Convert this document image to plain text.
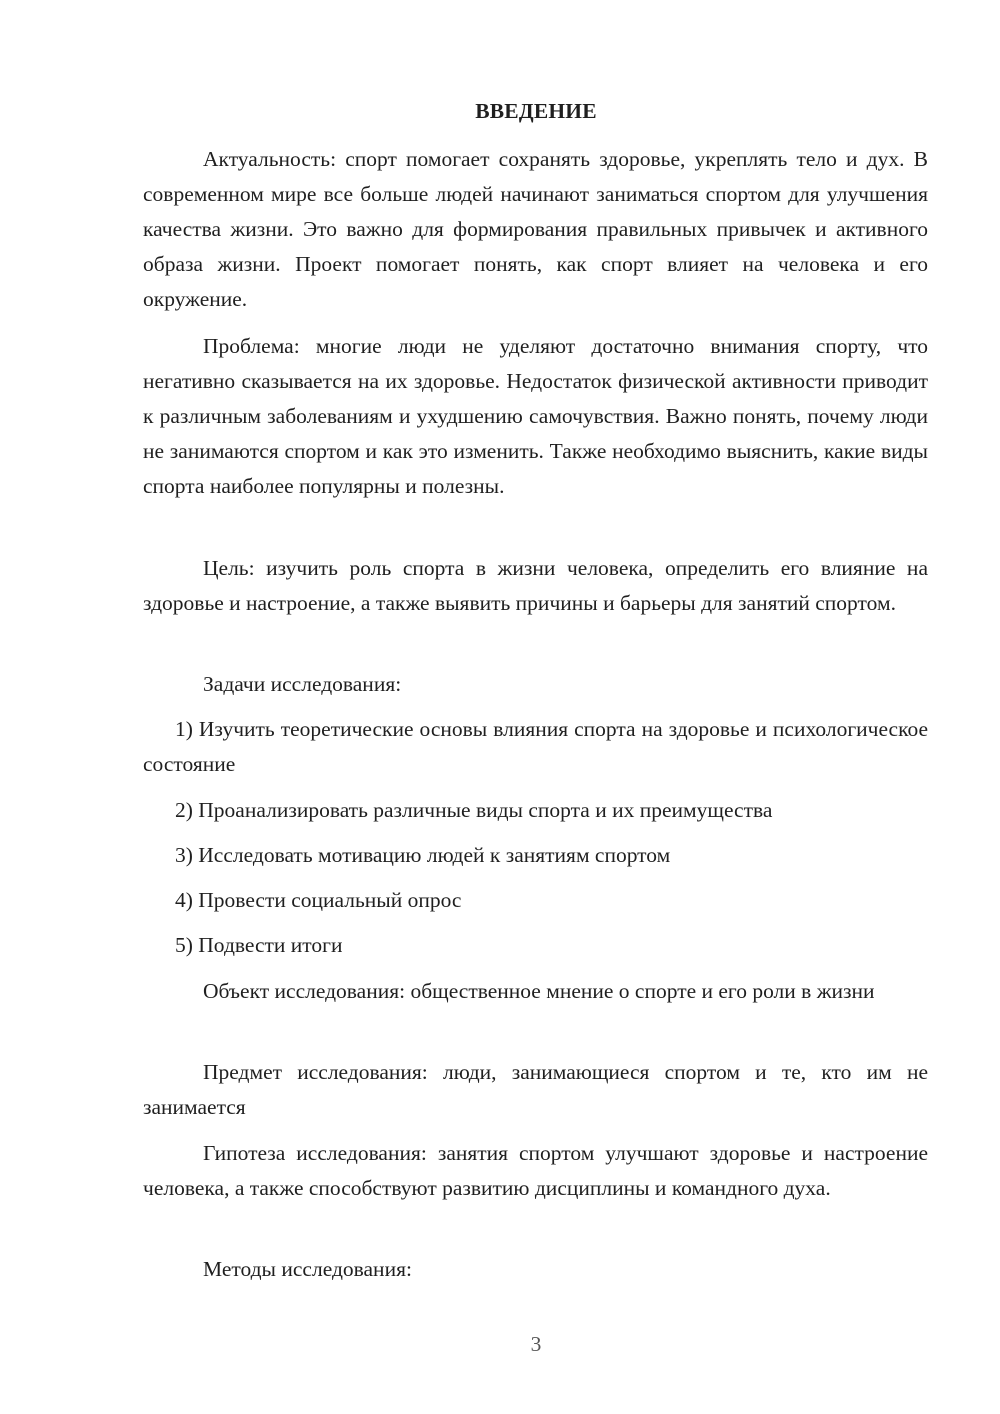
ВВЕДЕНИЕ

Актуальность: спорт помогает сохранять здоровье, укреплять тело и дух. В современном мире все больше людей начинают заниматься спортом для улучшения качества жизни. Это важно для формирования правильных привычек и активного образа жизни. Проект помогает понять, как спорт влияет на человека и его окружение.

Проблема: многие люди не уделяют достаточно внимания спорту, что негативно сказывается на их здоровье. Недостаток физической активности приводит к различным заболеваниям и ухудшению самочувствия. Важно понять, почему люди не занимаются спортом и как это изменить. Также необходимо выяснить, какие виды спорта наиболее популярны и полезны.

Цель: изучить роль спорта в жизни человека, определить его влияние на здоровье и настроение, а также выявить причины и барьеры для занятий спортом.

Задачи исследования:

1) Изучить теоретические основы влияния спорта на здоровье и психологическое состояние

2) Проанализировать различные виды спорта и их преимущества

3) Исследовать мотивацию людей к занятиям спортом

4) Провести социальный опрос

5) Подвести итоги

Объект исследования: общественное мнение о спорте и его роли в жизни

Предмет исследования: люди, занимающиеся спортом и те, кто им не занимается

Гипотеза исследования: занятия спортом улучшают здоровье и настроение человека, а также способствуют развитию дисциплины и командного духа.

Методы исследования:

3
